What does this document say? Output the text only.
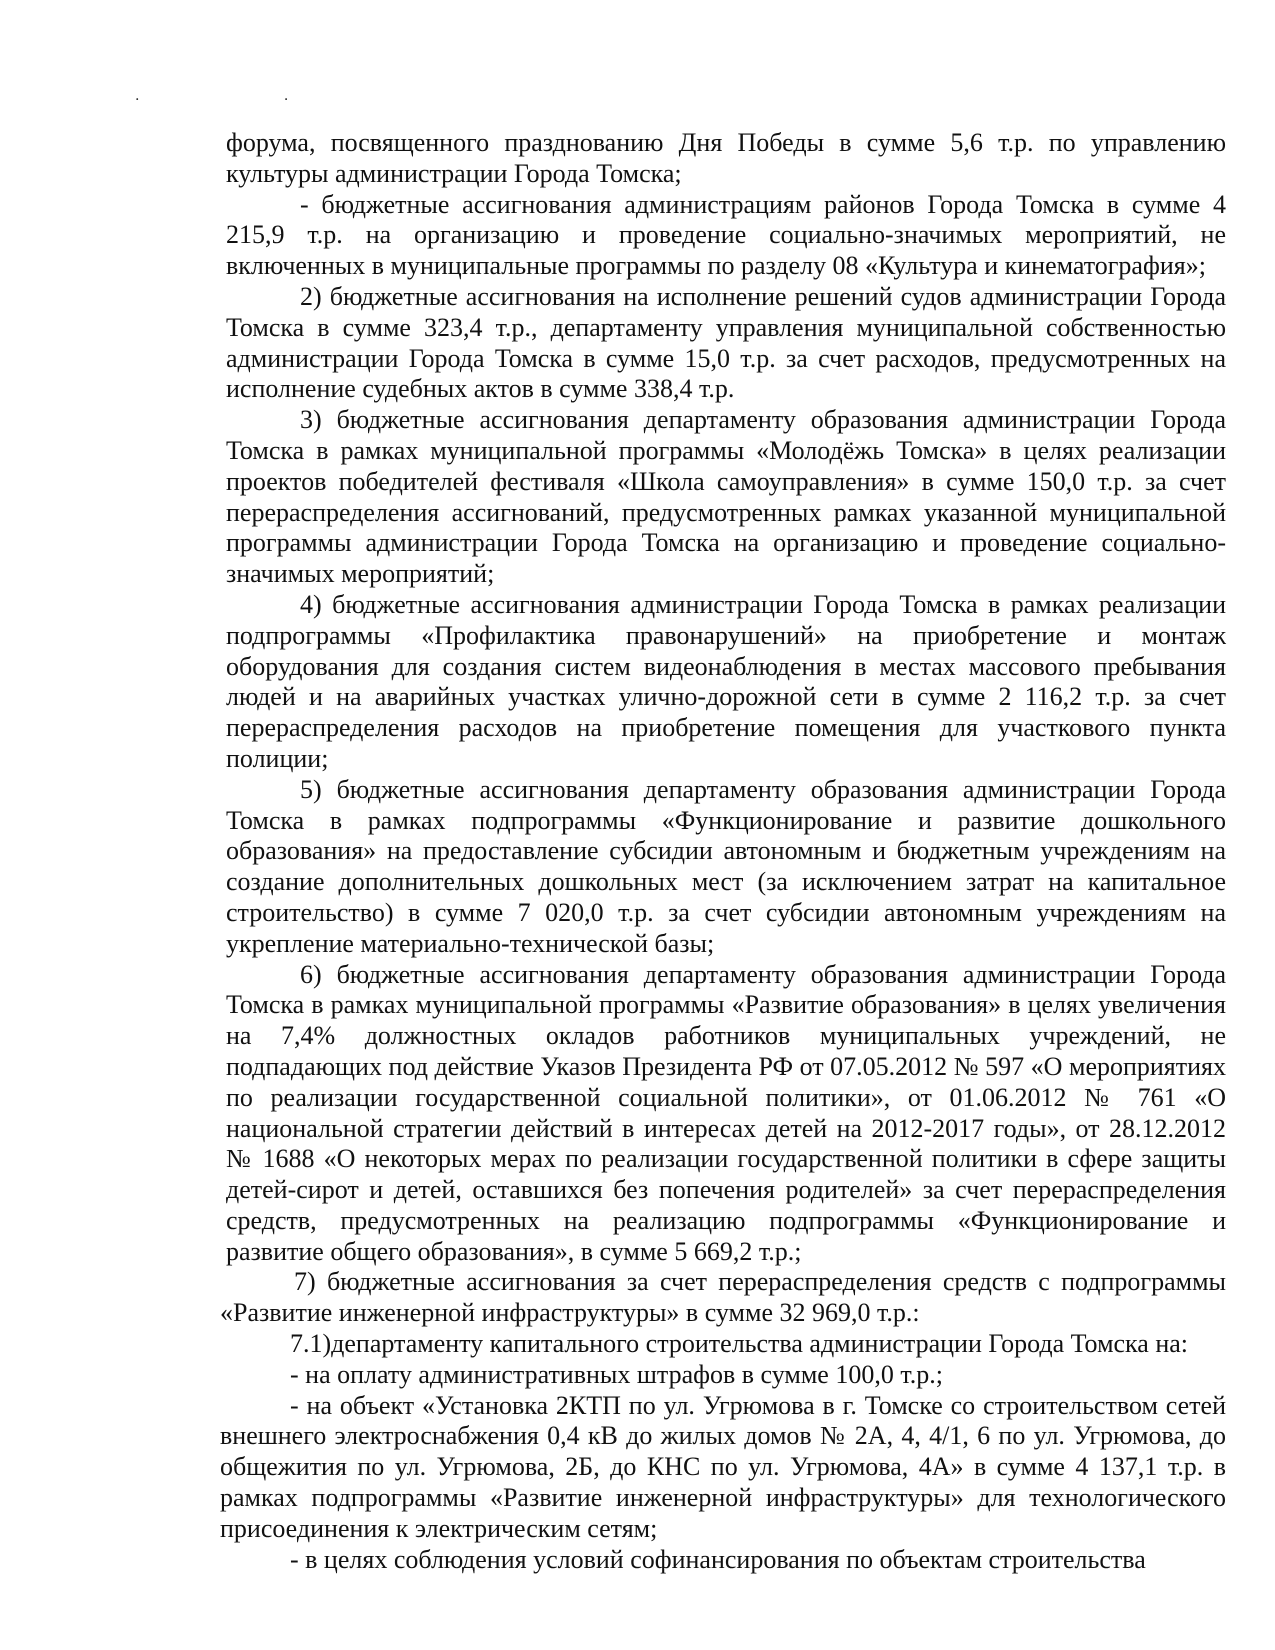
. .

форума, посвященного празднованию Дня Победы в сумме 5,6 т.р. по управлению культуры администрации Города Томска;

- бюджетные ассигнования администрациям районов Города Томска в сумме 4 215,9 т.р. на организацию и проведение социально-значимых мероприятий, не включенных в муниципальные программы по разделу 08 «Культура и кинематография»;

2) бюджетные ассигнования на исполнение решений судов администрации Города Томска в сумме 323,4 т.р., департаменту управления муниципальной собственностью администрации Города Томска в сумме 15,0 т.р. за счет расходов, предусмотренных на исполнение судебных актов в сумме 338,4 т.р.

3) бюджетные ассигнования департаменту образования администрации Города Томска в рамках муниципальной программы «Молодёжь Томска» в целях реализации проектов победителей фестиваля «Школа самоуправления» в сумме 150,0 т.р. за счет перераспределения ассигнований, предусмотренных рамках указанной муниципальной программы администрации Города Томска на организацию и проведение социально-значимых мероприятий;

4) бюджетные ассигнования администрации Города Томска в рамках реализации подпрограммы «Профилактика правонарушений» на приобретение и монтаж оборудования для создания систем видеонаблюдения в местах массового пребывания людей и на аварийных участках улично-дорожной сети в сумме 2 116,2 т.р. за счет перераспределения расходов на приобретение помещения для участкового пункта полиции;

5) бюджетные ассигнования департаменту образования администрации Города Томска в рамках подпрограммы «Функционирование и развитие дошкольного образования» на предоставление субсидии автономным и бюджетным учреждениям на создание дополнительных дошкольных мест (за исключением затрат на капитальное строительство) в сумме 7 020,0 т.р. за счет субсидии автономным учреждениям на укрепление материально-технической базы;

6) бюджетные ассигнования департаменту образования администрации Города Томска в рамках муниципальной программы «Развитие образования» в целях увеличения на 7,4% должностных окладов работников муниципальных учреждений, не подпадающих под действие Указов Президента РФ от 07.05.2012 № 597 «О мероприятиях по реализации государственной социальной политики», от 01.06.2012 № 761 «О национальной стратегии действий в интересах детей на 2012-2017 годы», от 28.12.2012 № 1688 «О некоторых мерах по реализации государственной политики в сфере защиты детей-сирот и детей, оставшихся без попечения родителей» за счет перераспределения средств, предусмотренных на реализацию подпрограммы «Функционирование и развитие общего образования», в сумме 5 669,2 т.р.;

7) бюджетные ассигнования за счет перераспределения средств с подпрограммы «Развитие инженерной инфраструктуры» в сумме 32 969,0 т.р.:

7.1)департаменту капитального строительства администрации Города Томска на:

- на оплату административных штрафов в сумме 100,0 т.р.;

- на объект «Установка 2КТП по ул. Угрюмова в г. Томске со строительством сетей внешнего электроснабжения 0,4 кВ до жилых домов № 2А, 4, 4/1, 6 по ул. Угрюмова, до общежития по ул. Угрюмова, 2Б, до КНС по ул. Угрюмова, 4А» в сумме 4 137,1 т.р. в рамках подпрограммы «Развитие инженерной инфраструктуры» для технологического присоединения к электрическим сетям;

- в целях соблюдения условий софинансирования по объектам строительства
